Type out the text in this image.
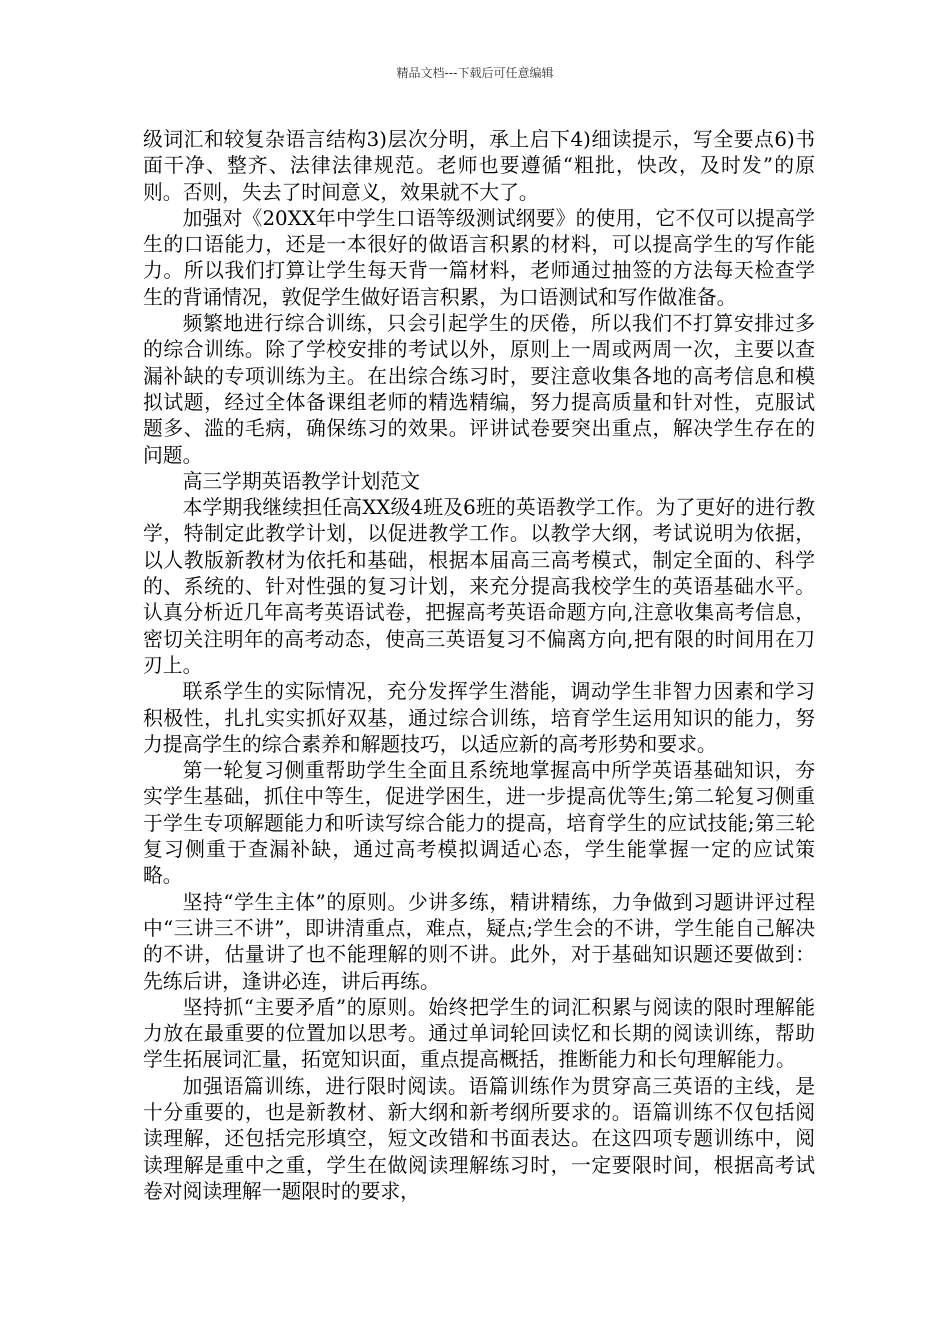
精品文档---下载后可任意编辑

级词汇和较复杂语言结构3)层次分明，承上启下4)细读提示，写全要点6)书面干净、整齐、法律法律规范。老师也要遵循“粗批，快改，及时发”的原则。否则，失去了时间意义，效果就不大了。

加强对《20XX年中学生口语等级测试纲要》的使用，它不仅可以提高学生的口语能力，还是一本很好的做语言积累的材料，可以提高学生的写作能力。所以我们打算让学生每天背一篇材料，老师通过抽签的方法每天检查学生的背诵情况，敦促学生做好语言积累，为口语测试和写作做准备。

频繁地进行综合训练，只会引起学生的厌倦，所以我们不打算安排过多的综合训练。除了学校安排的考试以外，原则上一周或两周一次，主要以查漏补缺的专项训练为主。在出综合练习时，要注意收集各地的高考信息和模拟试题，经过全体备课组老师的精选精编，努力提高质量和针对性，克服试题多、滥的毛病，确保练习的效果。评讲试卷要突出重点，解决学生存在的问题。

高三学期英语教学计划范文

本学期我继续担任高XX级4班及6班的英语教学工作。为了更好的进行教学，特制定此教学计划，以促进教学工作。以教学大纲，考试说明为依据，以人教版新教材为依托和基础，根据本届高三高考模式，制定全面的、科学的、系统的、针对性强的复习计划，来充分提高我校学生的英语基础水平。认真分析近几年高考英语试卷，把握高考英语命题方向,注意收集高考信息，密切关注明年的高考动态，使高三英语复习不偏离方向,把有限的时间用在刀刃上。

联系学生的实际情况，充分发挥学生潜能，调动学生非智力因素和学习积极性，扎扎实实抓好双基，通过综合训练，培育学生运用知识的能力，努力提高学生的综合素养和解题技巧，以适应新的高考形势和要求。

第一轮复习侧重帮助学生全面且系统地掌握高中所学英语基础知识，夯实学生基础，抓住中等生，促进学困生，进一步提高优等生;第二轮复习侧重于学生专项解题能力和听读写综合能力的提高，培育学生的应试技能;第三轮复习侧重于查漏补缺，通过高考模拟调适心态，学生能掌握一定的应试策略。

坚持“学生主体”的原则。少讲多练，精讲精练，力争做到习题讲评过程中“三讲三不讲”，即讲清重点，难点，疑点;学生会的不讲，学生能自己解决的不讲，估量讲了也不能理解的则不讲。此外，对于基础知识题还要做到：先练后讲，逢讲必连，讲后再练。

坚持抓“主要矛盾”的原则。始终把学生的词汇积累与阅读的限时理解能力放在最重要的位置加以思考。通过单词轮回读忆和长期的阅读训练，帮助学生拓展词汇量，拓宽知识面，重点提高概括，推断能力和长句理解能力。

加强语篇训练，进行限时阅读。语篇训练作为贯穿高三英语的主线，是十分重要的，也是新教材、新大纲和新考纲所要求的。语篇训练不仅包括阅读理解，还包括完形填空，短文改错和书面表达。在这四项专题训练中，阅读理解是重中之重，学生在做阅读理解练习时，一定要限时间，根据高考试卷对阅读理解一题限时的要求，
